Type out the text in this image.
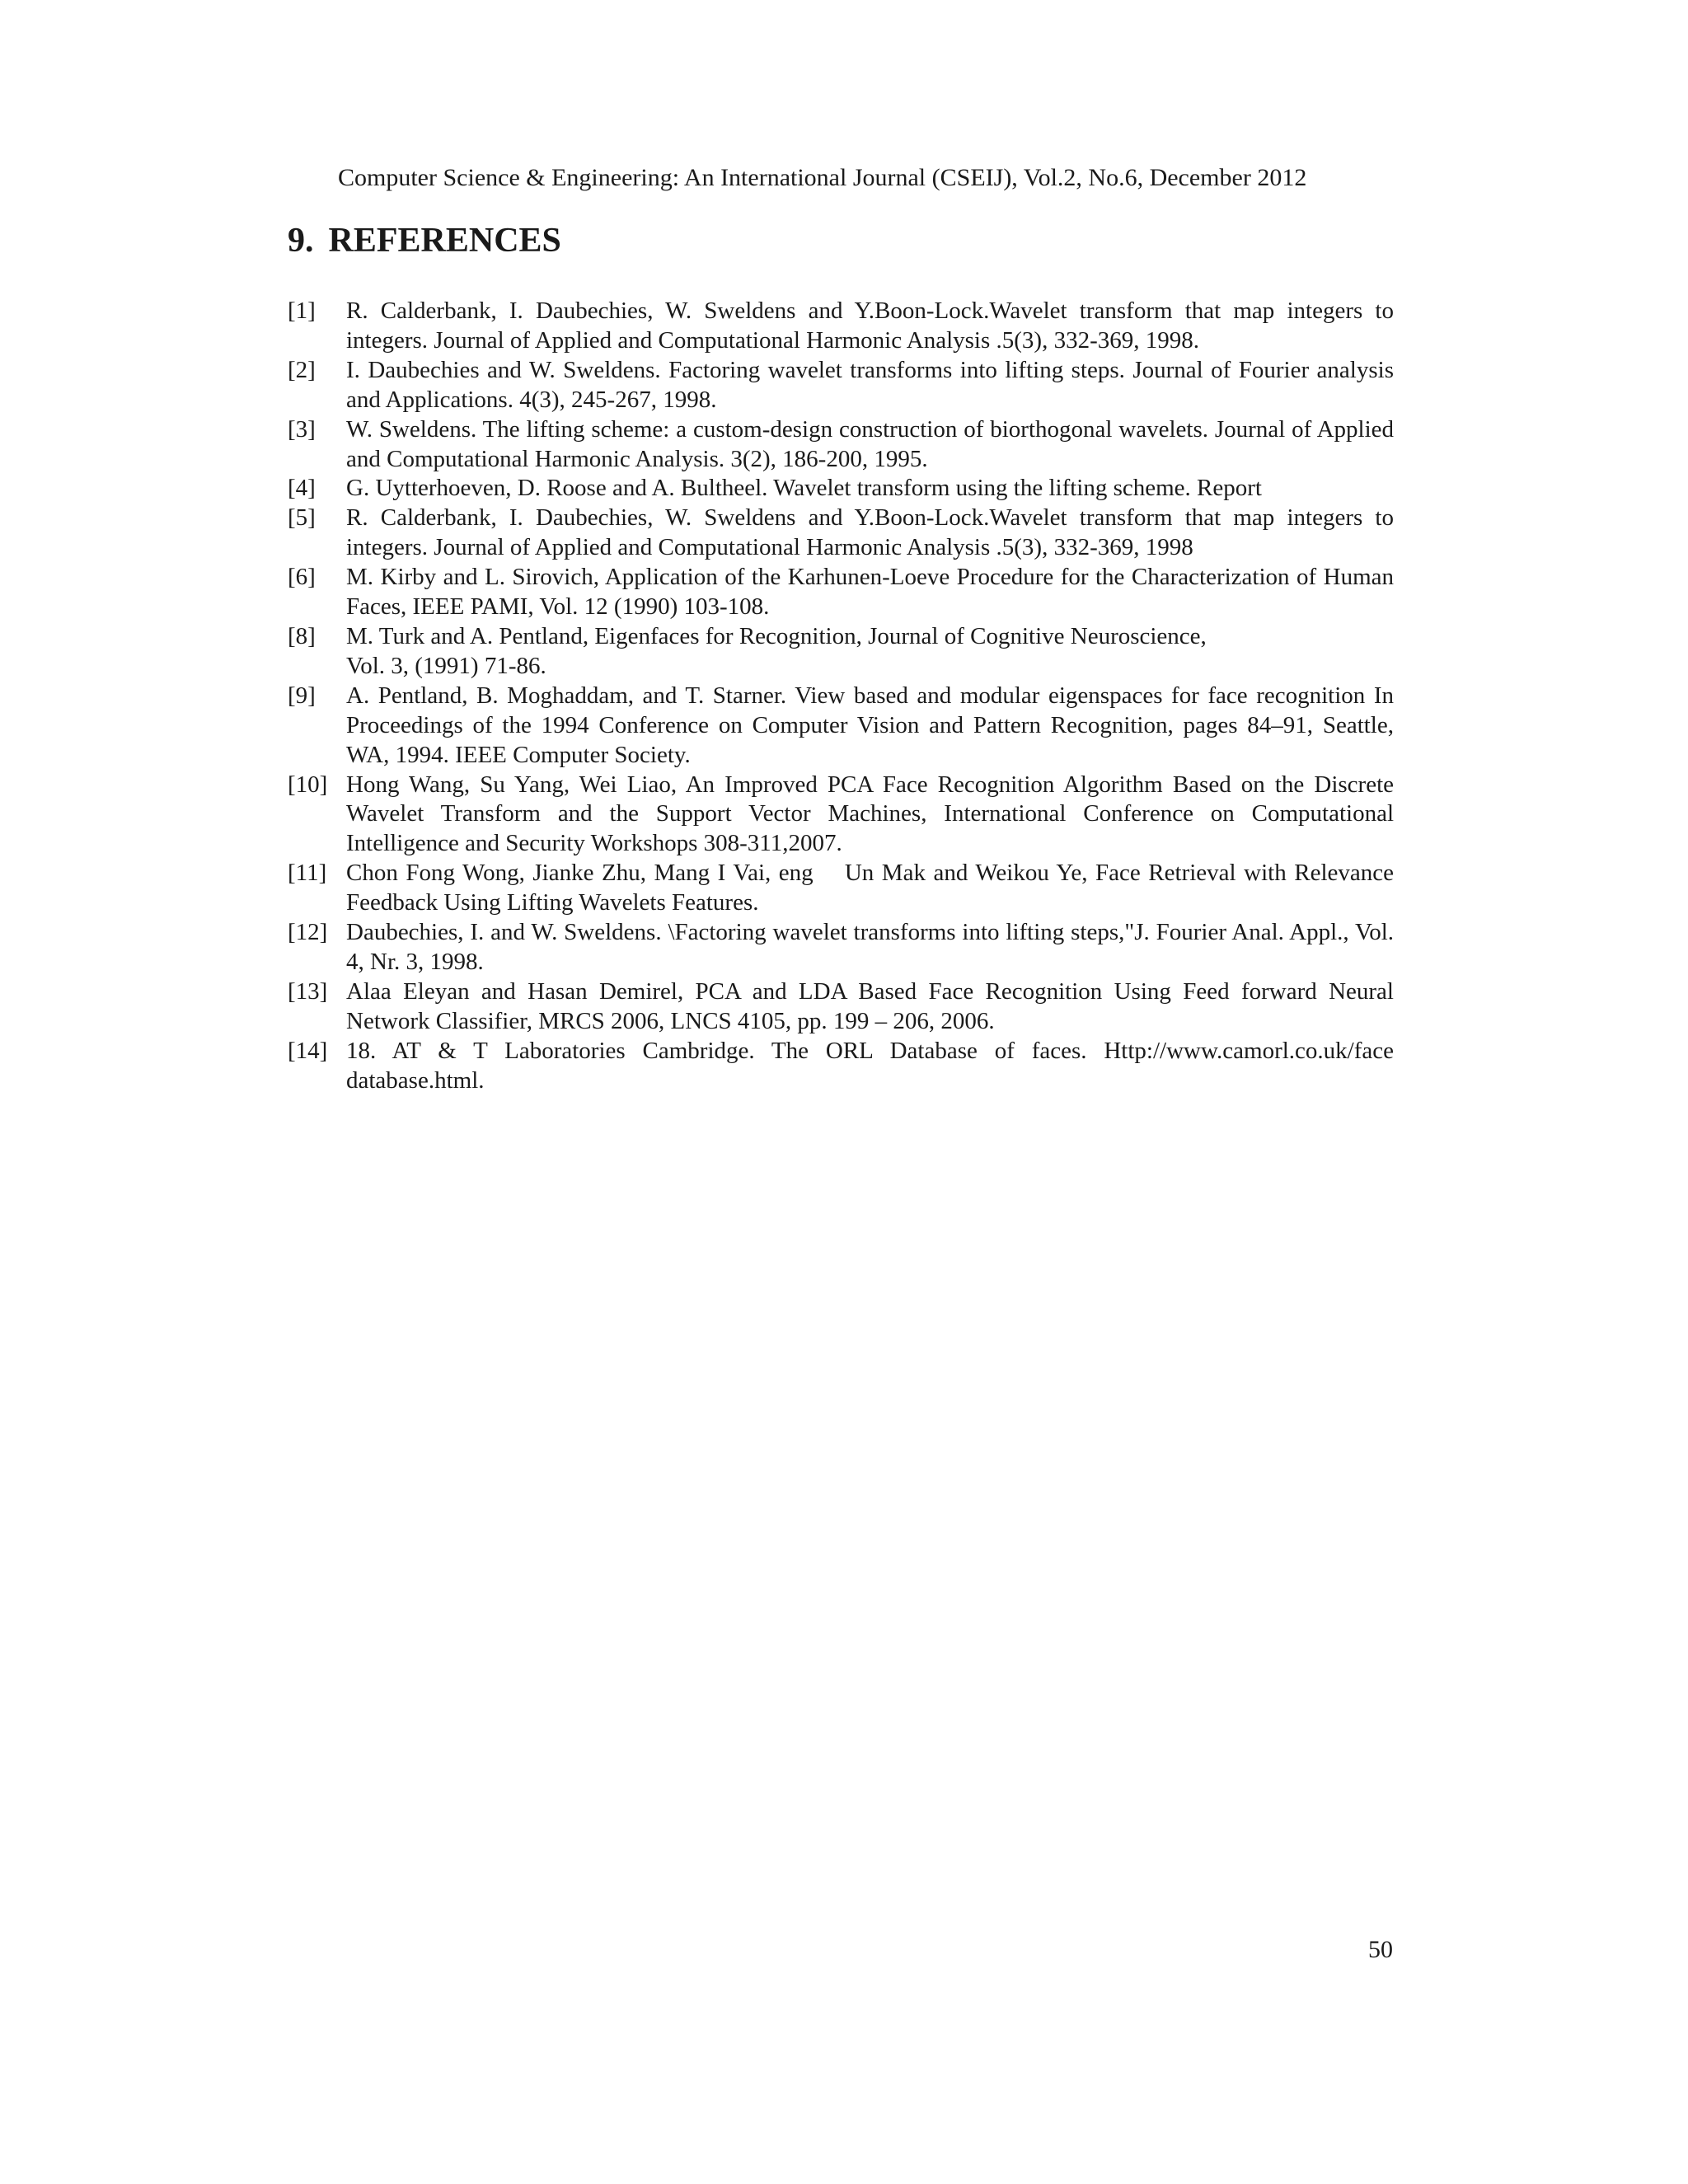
Computer Science & Engineering: An International Journal (CSEIJ), Vol.2, No.6, December 2012
9. REFERENCES
[1] R. Calderbank, I. Daubechies, W. Sweldens and Y.Boon-Lock.Wavelet transform that map integers to integers. Journal of Applied and Computational Harmonic Analysis .5(3), 332-369, 1998.
[2] I. Daubechies and W. Sweldens. Factoring wavelet transforms into lifting steps. Journal of Fourier analysis and Applications. 4(3), 245-267, 1998.
[3] W. Sweldens. The lifting scheme: a custom-design construction of biorthogonal wavelets. Journal of Applied and Computational Harmonic Analysis. 3(2), 186-200, 1995.
[4] G. Uytterhoeven, D. Roose and A. Bultheel. Wavelet transform using the lifting scheme. Report
[5] R. Calderbank, I. Daubechies, W. Sweldens and Y.Boon-Lock.Wavelet transform that map integers to integers. Journal of Applied and Computational Harmonic Analysis .5(3), 332-369, 1998
[6] M. Kirby and L. Sirovich, Application of the Karhunen-Loeve Procedure for the Characterization of Human Faces, IEEE PAMI, Vol. 12 (1990) 103-108.
[8] M. Turk and A. Pentland, Eigenfaces for Recognition, Journal of Cognitive Neuroscience,
Vol. 3, (1991) 71-86.
[9] A. Pentland, B. Moghaddam, and T. Starner. View based and modular eigenspaces for face recognition In Proceedings of the 1994 Conference on Computer Vision and Pattern Recognition, pages 84–91, Seattle, WA, 1994. IEEE Computer Society.
[10] Hong Wang, Su Yang, Wei Liao, An Improved PCA Face Recognition Algorithm Based on the Discrete Wavelet Transform and the Support Vector Machines, International Conference on Computational Intelligence and Security Workshops 308-311,2007.
[11] Chon Fong Wong, Jianke Zhu, Mang I Vai, eng    Un Mak and Weikou Ye, Face Retrieval with Relevance Feedback Using Lifting Wavelets Features.
[12] Daubechies, I. and W. Sweldens. \Factoring wavelet transforms into lifting steps,"J. Fourier Anal. Appl., Vol. 4, Nr. 3, 1998.
[13] Alaa Eleyan and Hasan Demirel, PCA and LDA Based Face Recognition Using Feed forward Neural Network Classifier, MRCS 2006, LNCS 4105, pp. 199 – 206, 2006.
[14] 18. AT & T Laboratories Cambridge. The ORL Database of faces. Http://www.camorl.co.uk/face database.html.
50
